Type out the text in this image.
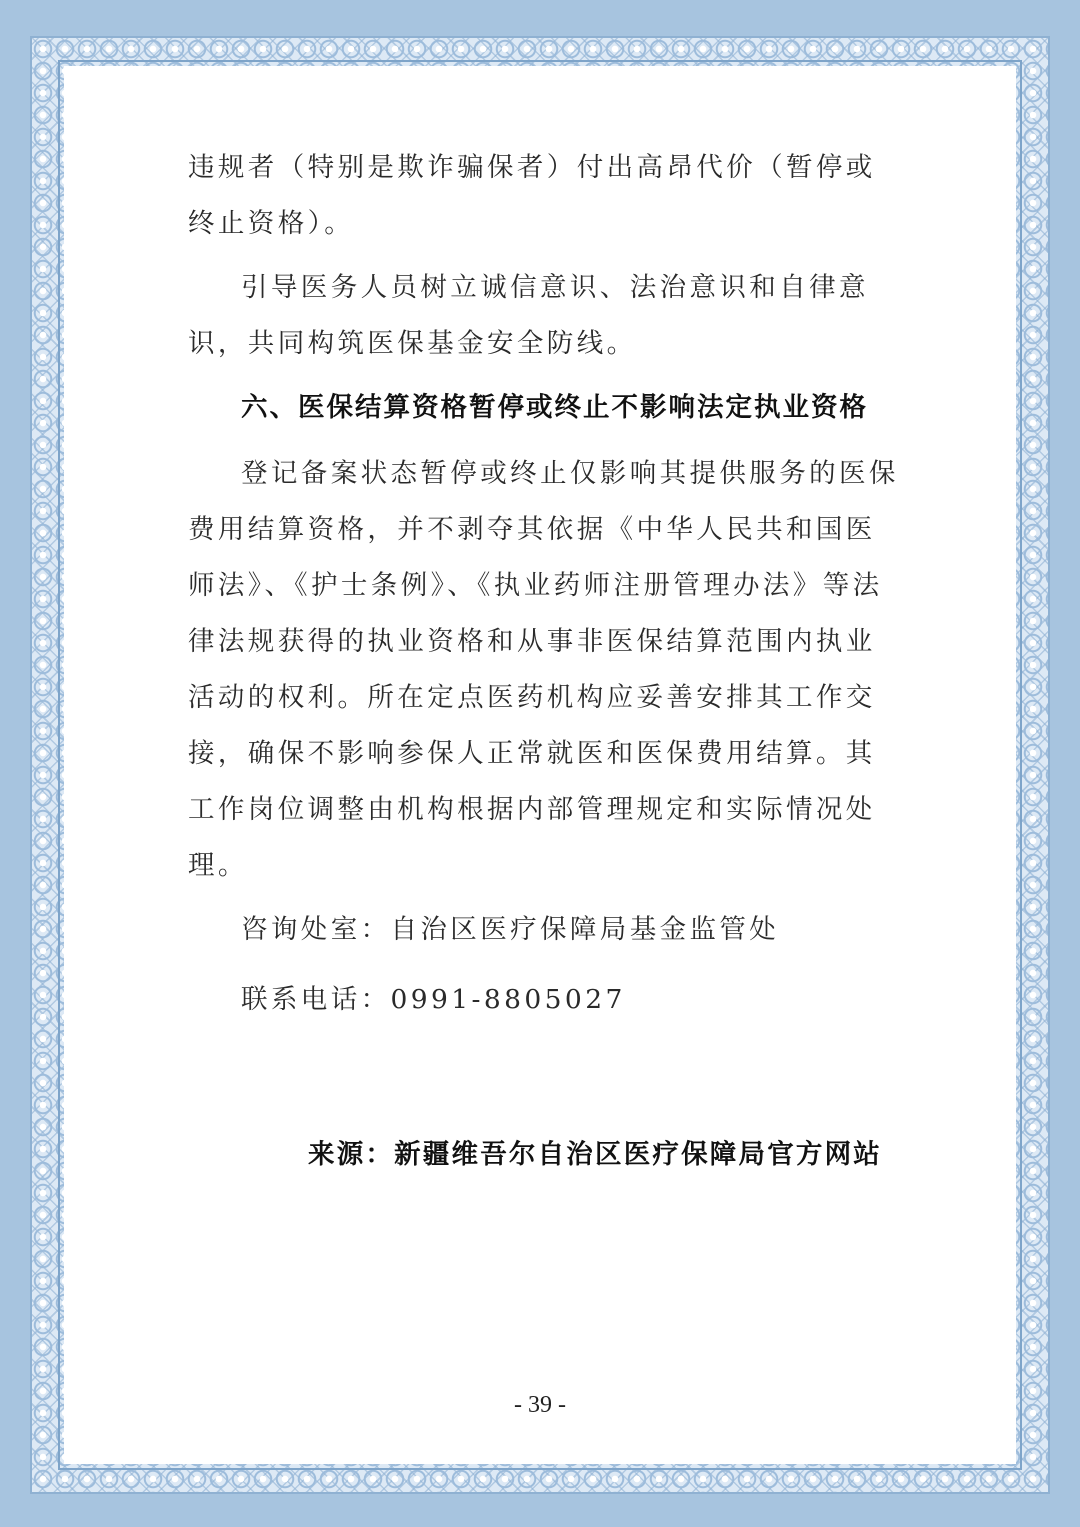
违规者（特别是欺诈骗保者）付出高昂代价（暂停或终止资格）。

引导医务人员树立诚信意识、法治意识和自律意识，共同构筑医保基金安全防线。

六、医保结算资格暂停或终止不影响法定执业资格

登记备案状态暂停或终止仅影响其提供服务的医保费用结算资格，并不剥夺其依据《中华人民共和国医师法》、《护士条例》、《执业药师注册管理办法》等法律法规获得的执业资格和从事非医保结算范围内执业活动的权利。所在定点医药机构应妥善安排其工作交接，确保不影响参保人正常就医和医保费用结算。其工作岗位调整由机构根据内部管理规定和实际情况处理。

咨询处室：自治区医疗保障局基金监管处

联系电话：0991-8805027

来源：新疆维吾尔自治区医疗保障局官方网站
- 39 -
